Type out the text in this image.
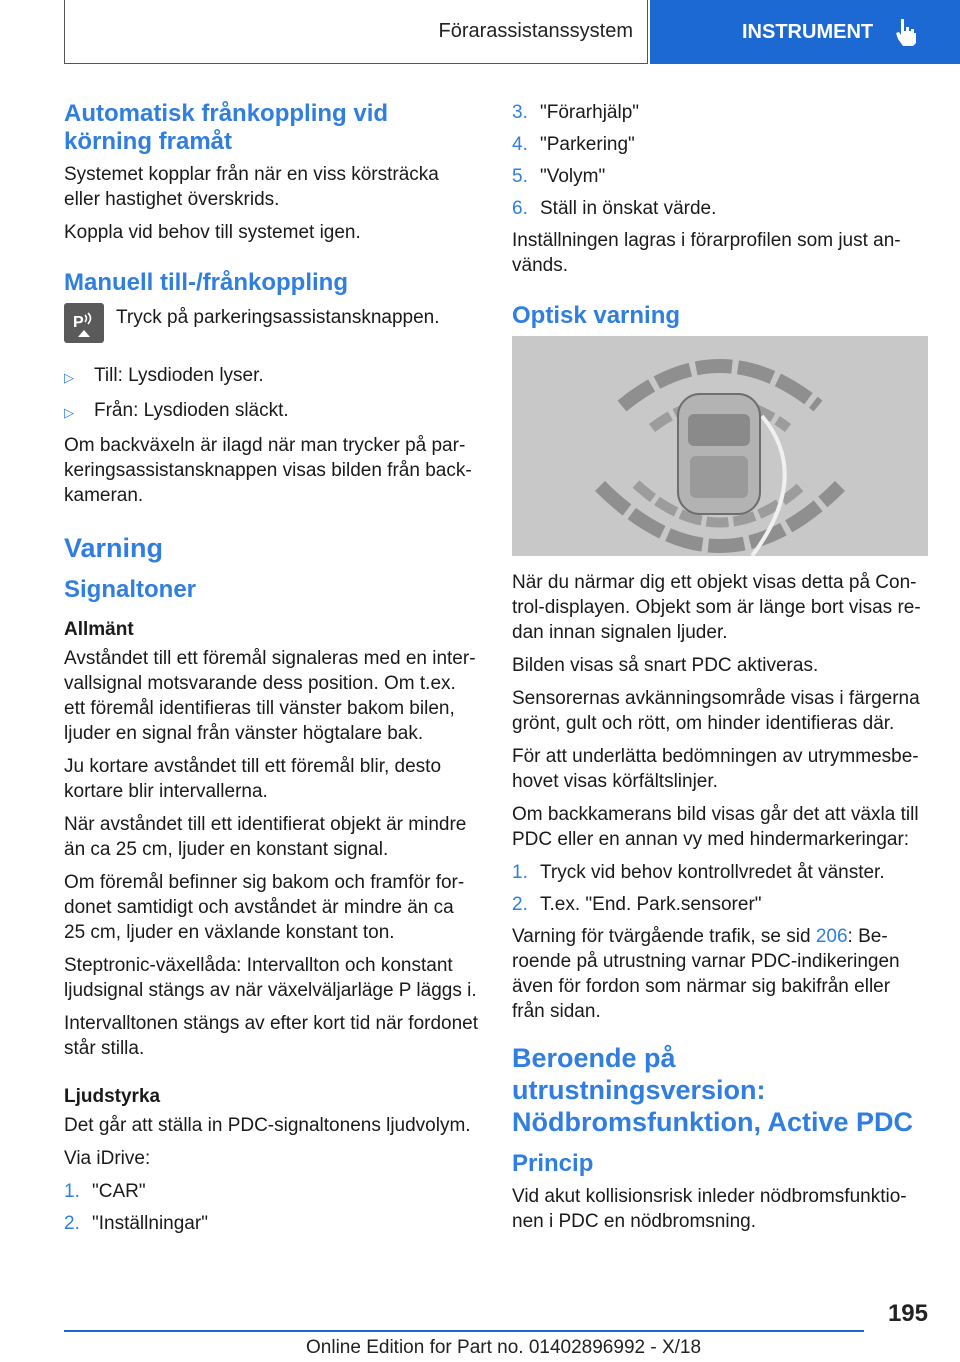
Förarassistanssystem	INSTRUMENT
Automatisk frånkoppling vid körning framåt

Systemet kopplar från när en viss körsträcka eller hastighet överskrids.

Koppla vid behov till systemet igen.

Manuell till-/frånkoppling
P Tryck på parkeringsassistansknappen.

▷	Till: Lysdioden lyser.
▷	Från: Lysdioden släckt.

Om backväxeln är ilagd när man trycker på par-keringsassistansknappen visas bilden från back-kameran.

Varning
Signaltoner
Allmänt

Avståndet till ett föremål signaleras med en inter-vallsignal motsvarande dess position. Om t.ex. ett föremål identifieras till vänster bakom bilen, ljuder en signal från vänster högtalare bak.

Ju kortare avståndet till ett föremål blir, desto kortare blir intervallerna.

När avståndet till ett identifierat objekt är mindre än ca 25 cm, ljuder en konstant signal.

Om föremål befinner sig bakom och framför for-donet samtidigt och avståndet är mindre än ca 25 cm, ljuder en växlande konstant ton.

Steptronic-växellåda: Intervallton och konstant ljudsignal stängs av när växelväljarläge P läggs i.

Intervalltonen stängs av efter kort tid när fordonet står stilla.

Ljudstyrka

Det går att ställa in PDC-signaltonens ljudvolym.

Via iDrive:

1. "CAR"
2. "Inställningar"
3. "Förarhjälp"
4. "Parkering"
5. "Volym"
6. Ställ in önskat värde.

Inställningen lagras i förarprofilen som just an-vänds.

Optisk varning

När du närmar dig ett objekt visas detta på Con-trol-displayen. Objekt som är länge bort visas re-dan innan signalen ljuder.

Bilden visas så snart PDC aktiveras.

Sensorernas avkänningsområde visas i färgerna grönt, gult och rött, om hinder identifieras där.

För att underlätta bedömningen av utrymmesbe-hovet visas körfältslinjer.

Om backkamerans bild visas går det att växla till PDC eller en annan vy med hindermarkeringar:

1. Tryck vid behov kontrollvredet åt vänster.
2. T.ex. "End. Park.sensorer"

Varning för tvärgående trafik, se sid 206: Be-roende på utrustning varnar PDC-indikeringen även för fordon som närmar sig bakifrån eller från sidan.

Beroende på utrustningsversion: Nödbromsfunktion, Active PDC
Princip

Vid akut kollisionsrisk inleder nödbromsfunktio-nen i PDC en nödbromsning.

195
Online Edition for Part no. 01402896992 - X/18
